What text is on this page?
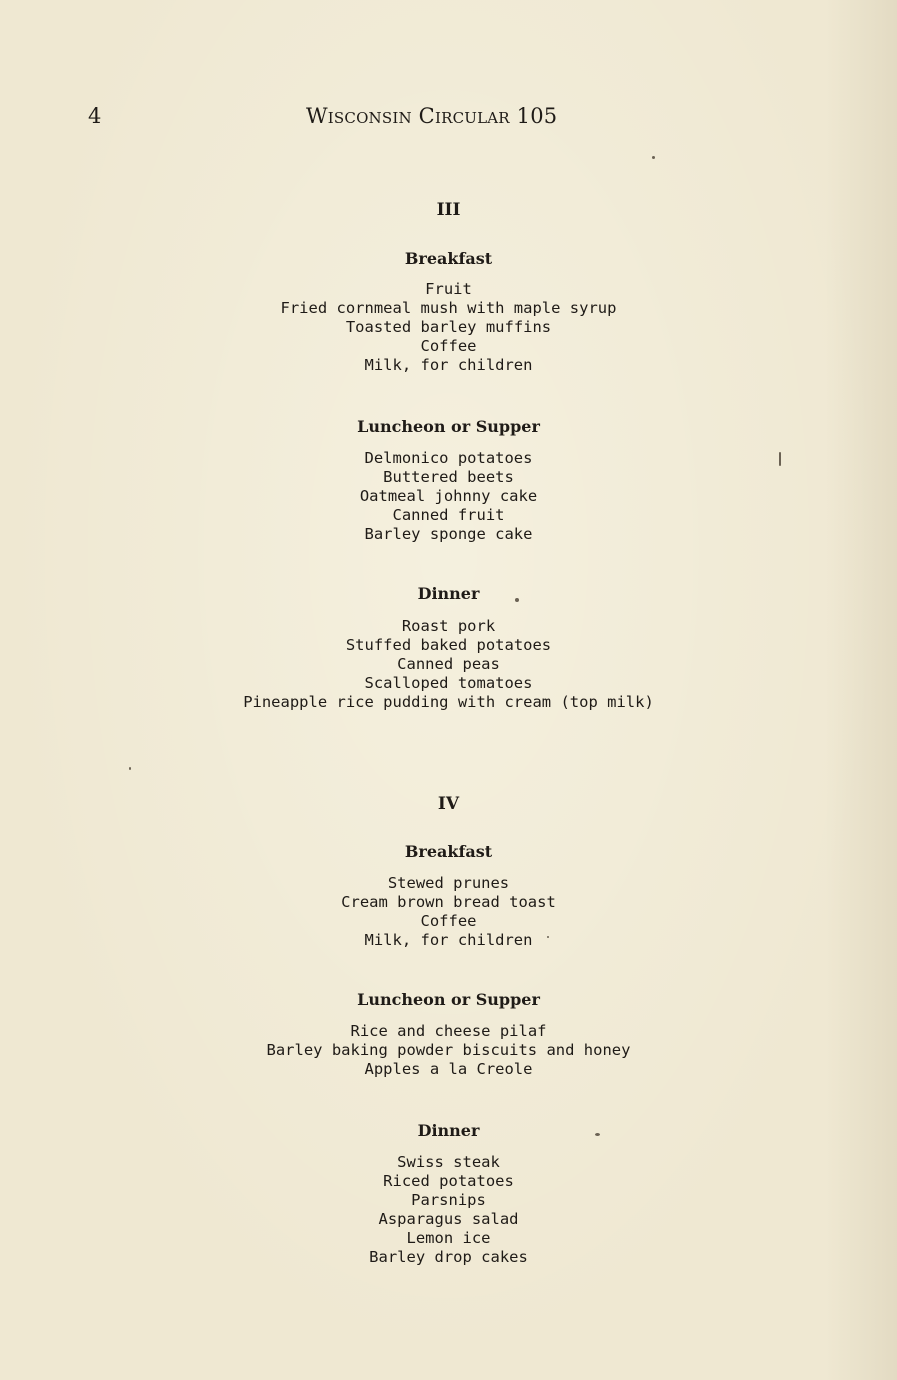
4	Wisconsin Circular 105

III

Breakfast

Fruit

Fried cornmeal mush with maple syrup

Toasted barley muffins

Coffee

Milk, for children

Luncheon or Supper

Delmonico potatoes

Buttered beets

Oatmeal johnny cake

Canned fruit

Barley sponge cake

Dinner

Roast pork

Stuffed baked potatoes

Canned peas

Scalloped tomatoes

Pineapple rice pudding with cream (top milk)

IV

Breakfast

Stewed prunes

Cream brown bread toast

Coffee

Milk, for children

Luncheon or Supper

Rice and cheese pilaf

Barley baking powder biscuits and honey

Apples a la Creole

Dinner

Swiss steak

Riced potatoes

Parsnips

Asparagus salad

Lemon ice

Barley drop cakes
